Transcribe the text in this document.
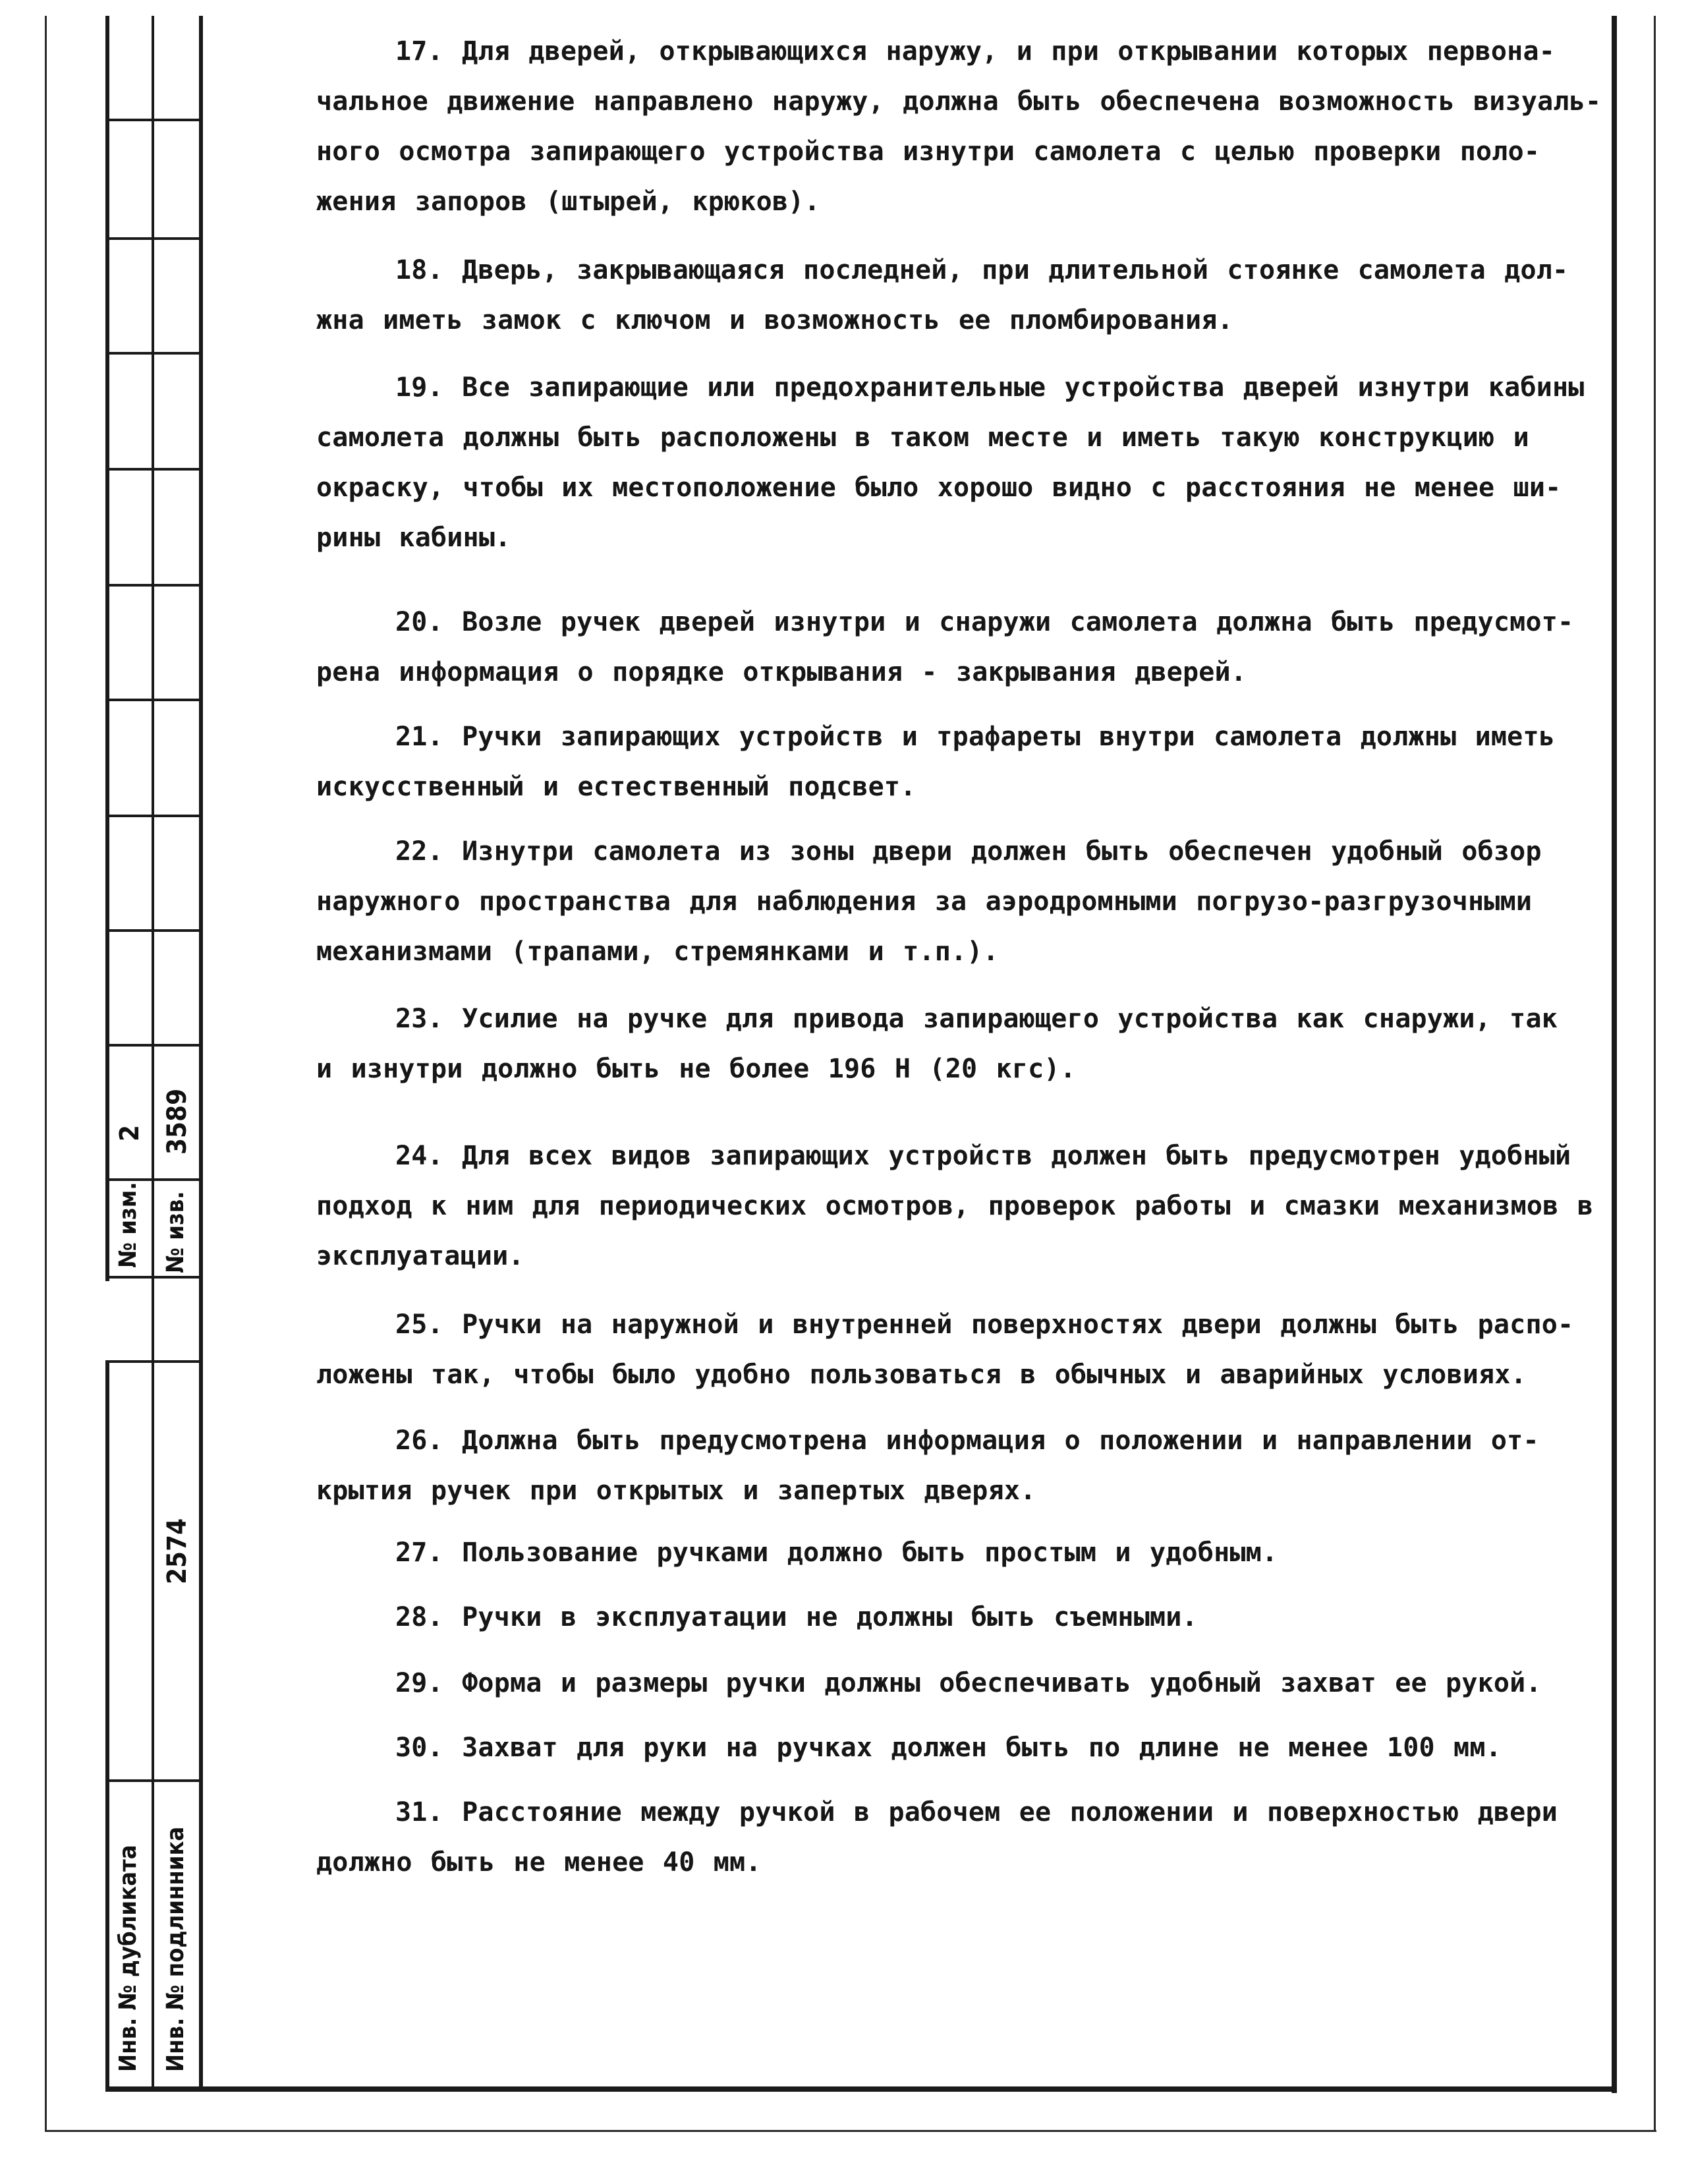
№ изм.
2
№ изв.
3589
2574
Инв. № дубликата Инв. № подлинника
17. Для дверей, открывающихся наружу, и при открывании которых первона-
чальное движение направлено наружу, должна быть обеспечена возможность визуаль-
ного осмотра запирающего устройства изнутри самолета с целью проверки поло-
жения запоров (штырей, крюков).
18. Дверь, закрывающаяся последней, при длительной стоянке самолета дол-
жна иметь замок с ключом и возможность ее пломбирования.
19. Все запирающие или предохранительные устройства дверей изнутри кабины
самолета должны быть расположены в таком месте и иметь такую конструкцию и
окраску, чтобы их местоположение было хорошо видно с расстояния не менее ши-
рины кабины.
20. Возле ручек дверей изнутри и снаружи самолета должна быть предусмот-
рена информация о порядке открывания - закрывания дверей.
21. Ручки запирающих устройств и трафареты внутри самолета должны иметь
искусственный и естественный подсвет.
22. Изнутри самолета из зоны двери должен быть обеспечен удобный обзор
наружного пространства для наблюдения за аэродромными погрузо-разгрузочными
механизмами (трапами, стремянками и т.п.).
23. Усилие на ручке для привода запирающего устройства как снаружи, так
и изнутри должно быть не более 196 Н (20 кгс).
24. Для всех видов запирающих устройств должен быть предусмотрен удобный
подход к ним для периодических осмотров, проверок работы и смазки механизмов в
эксплуатации.
25. Ручки на наружной и внутренней поверхностях двери должны быть распо-
ложены так, чтобы было удобно пользоваться в обычных и аварийных условиях.
26. Должна быть предусмотрена информация о положении и направлении от-
крытия ручек при открытых и запертых дверях.
27. Пользование ручками должно быть простым и удобным.
28. Ручки в эксплуатации не должны быть съемными.
29. Форма и размеры ручки должны обеспечивать удобный захват ее рукой.
30. Захват для руки на ручках должен быть по длине не менее 100 мм.
31. Расстояние между ручкой в рабочем ее положении и поверхностью двери
должно быть не менее 40 мм.
